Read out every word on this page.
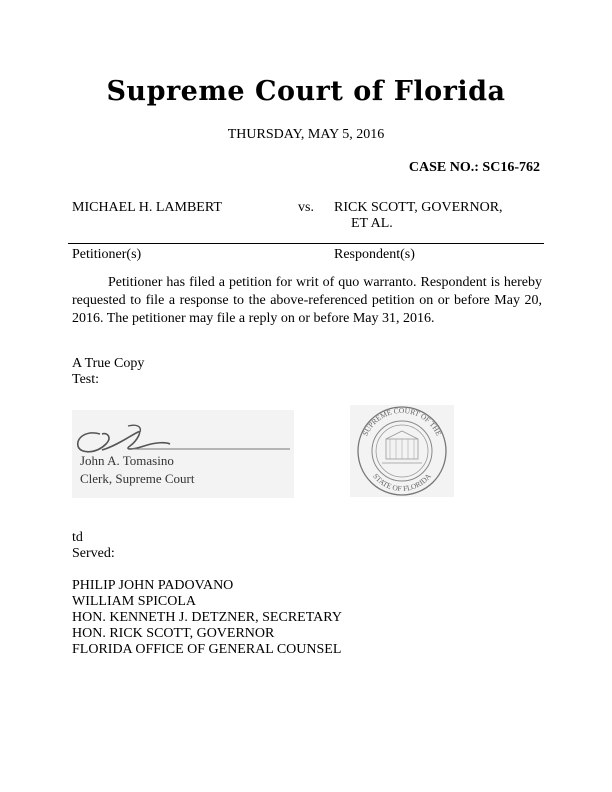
Supreme Court of Florida
THURSDAY, MAY 5, 2016
CASE NO.: SC16-762
MICHAEL H. LAMBERT	vs. RICK SCOTT, GOVERNOR,
ET AL.
Petitioner(s)	Respondent(s)
Petitioner has filed a petition for writ of quo warranto. Respondent is hereby requested to file a response to the above-referenced petition on or before May 20, 2016. The petitioner may file a reply on or before May 31, 2016.
A True Copy
Test:
John A. Tomasino
Clerk, Supreme Court
SUPREME COURT OF THE
STATE OF FLORIDA
td
Served:
PHILIP JOHN PADOVANO
WILLIAM SPICOLA
HON. KENNETH J. DETZNER, SECRETARY
HON. RICK SCOTT, GOVERNOR
FLORIDA OFFICE OF GENERAL COUNSEL
